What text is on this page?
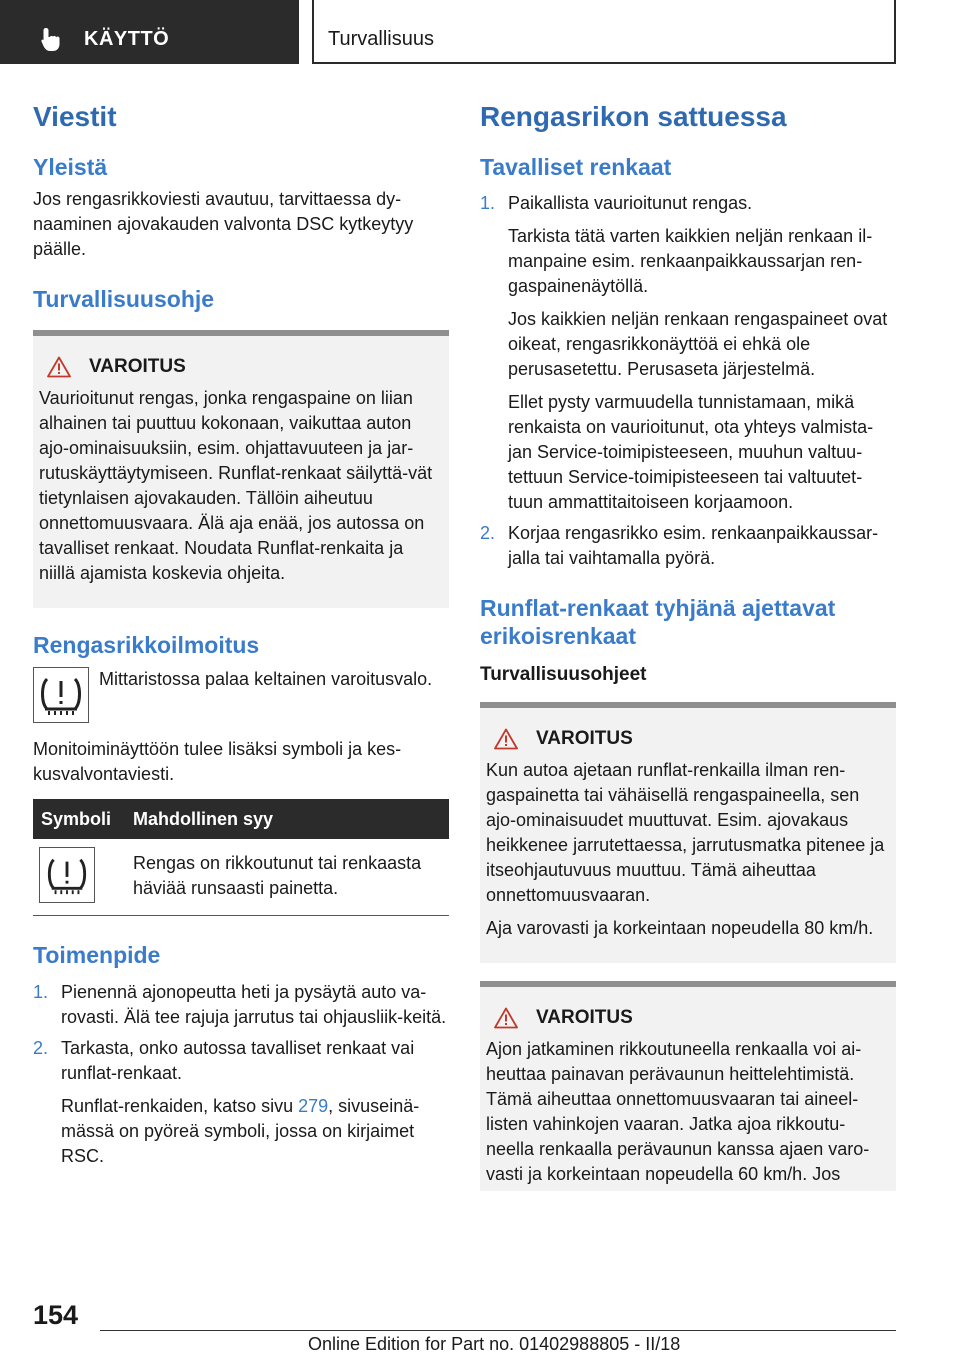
KÄYTTÖ	Turvallisuus
Viestit
Yleistä

Jos rengasrikkoviesti avautuu, tarvittaessa dy-naaminen ajovakauden valvonta DSC kytkeytyy päälle.

Turvallisuusohje
VAROITUS

Vaurioitunut rengas, jonka rengaspaine on liian alhainen tai puuttuu kokonaan, vaikuttaa auton ajo-ominaisuuksiin, esim. ohjattavuuteen ja jar-rutuskäyttäytymiseen. Runflat-renkaat säilyttä-vät tietynlaisen ajovakauden. Tällöin aiheutuu onnettomuusvaara. Älä aja enää, jos autossa on tavalliset renkaat. Noudata Runflat-renkaita ja niillä ajamista koskevia ohjeita.

Rengasrikkoilmoitus

Mittaristossa palaa keltainen varoitusvalo.

Monitoiminäyttöön tulee lisäksi symboli ja kes-kusvalvontaviesti.

Symboli	Mahdollinen syy
Rengas on rikkoutunut tai renkaasta häviää runsaasti painetta.
Toimenpide
1. Pienennä ajonopeutta heti ja pysäytä auto va-rovasti. Älä tee rajuja jarrutus tai ohjausliik-keitä.

2. Tarkasta, onko autossa tavalliset renkaat vai runflat-renkaat.

Runflat-renkaiden, katso sivu 279, sivuseinä-mässä on pyöreä symboli, jossa on kirjaimet RSC.

Rengasrikon sattuessa
Tavalliset renkaat
1. Paikallista vaurioitunut rengas.

Tarkista tätä varten kaikkien neljän renkaan il-manpaine esim. renkaanpaikkaussarjan ren-gaspainenäytöllä.

Jos kaikkien neljän renkaan rengaspaineet ovat oikeat, rengasrikkonäyttöä ei ehkä ole perusasetettu. Perusaseta järjestelmä.

Ellet pysty varmuudella tunnistamaan, mikä renkaista on vaurioitunut, ota yhteys valmista-jan Service-toimipisteeseen, muuhun valtuu-tettuun Service-toimipisteeseen tai valtuutet-tuun ammattitaitoiseen korjaamoon.

2. Korjaa rengasrikko esim. renkaanpaikkaussar-jalla tai vaihtamalla pyörä.

Runflat-renkaat tyhjänä ajettavat erikoisrenkaat
Turvallisuusohjeet
VAROITUS

Kun autoa ajetaan runflat-renkailla ilman ren-gaspainetta tai vähäisellä rengaspaineella, sen ajo-ominaisuudet muuttuvat. Esim. ajovakaus heikkenee jarrutettaessa, jarrutusmatka pitenee ja itseohjautuvuus muuttuu. Tämä aiheuttaa onnettomuusvaaran.

Aja varovasti ja korkeintaan nopeudella 80 km/h.

VAROITUS

Ajon jatkaminen rikkoutuneella renkaalla voi ai-heuttaa painavan perävaunun heittelehtimistä. Tämä aiheuttaa onnettomuusvaaran tai aineel-listen vahinkojen vaaran. Jatka ajoa rikkoutu-neella renkaalla perävaunun kanssa ajaen varo-vasti ja korkeintaan nopeudella 60 km/h. Jos

154
Online Edition for Part no. 01402988805 - II/18
